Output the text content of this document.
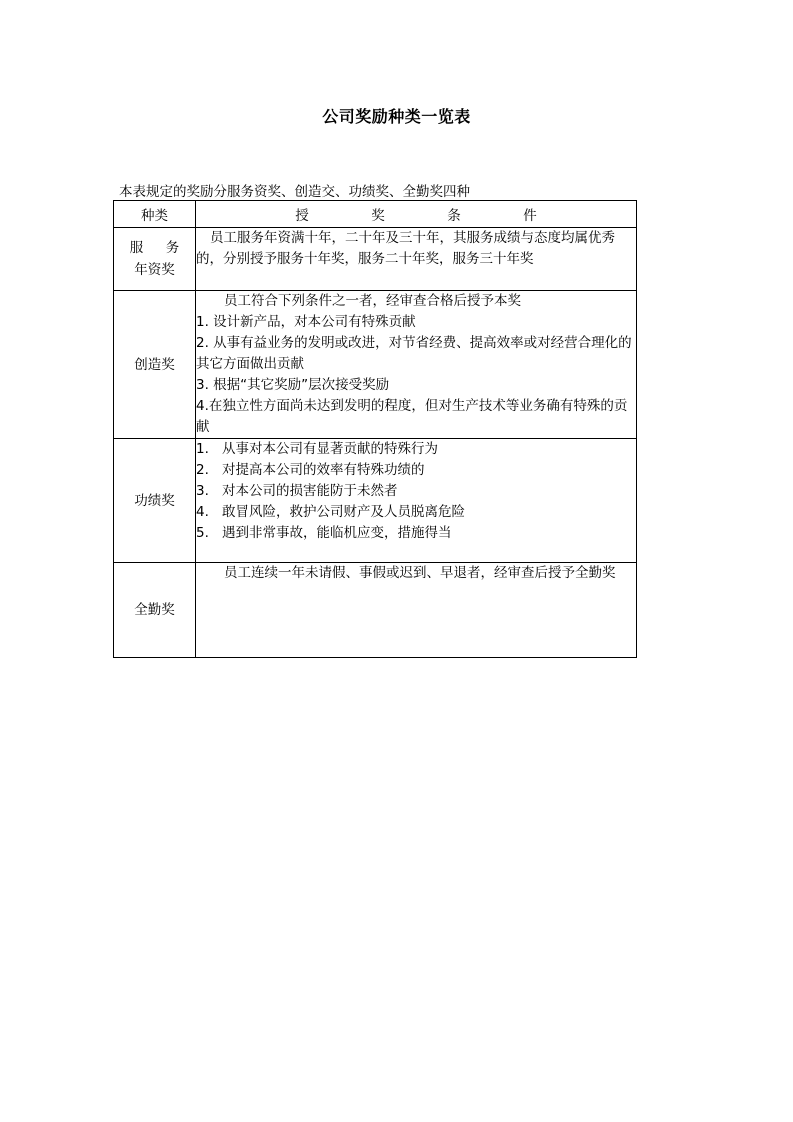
公司奖励种类一览表
本表规定的奖励分服务资奖、创造交、功绩奖、全勤奖四种
种类	授 奖 条 件

服 务
年资奖	员工服务年资满十年，二十年及三十年，其服务成绩与态度均属优秀的，分别授予服务十年奖，服务二十年奖，服务三十年奖

创造奖	员工符合下列条件之一者，经审查合格后授予本奖

1. 设计新产品，对本公司有特殊贡献

2. 从事有益业务的发明或改进，对节省经费、提高效率或对经营合理化的其它方面做出贡献

3. 根据“其它奖励”层次接受奖励

4.在独立性方面尚未达到发明的程度，但对生产技术等业务确有特殊的贡献

功绩奖	1. 从事对本公司有显著贡献的特殊行为

2. 对提高本公司的效率有特殊功绩的

3. 对本公司的损害能防于未然者

4. 敢冒风险，救护公司财产及人员脱离危险

5. 遇到非常事故，能临机应变，措施得当

全勤奖	员工连续一年未请假、事假或迟到、早退者，经审查后授予全勤奖
